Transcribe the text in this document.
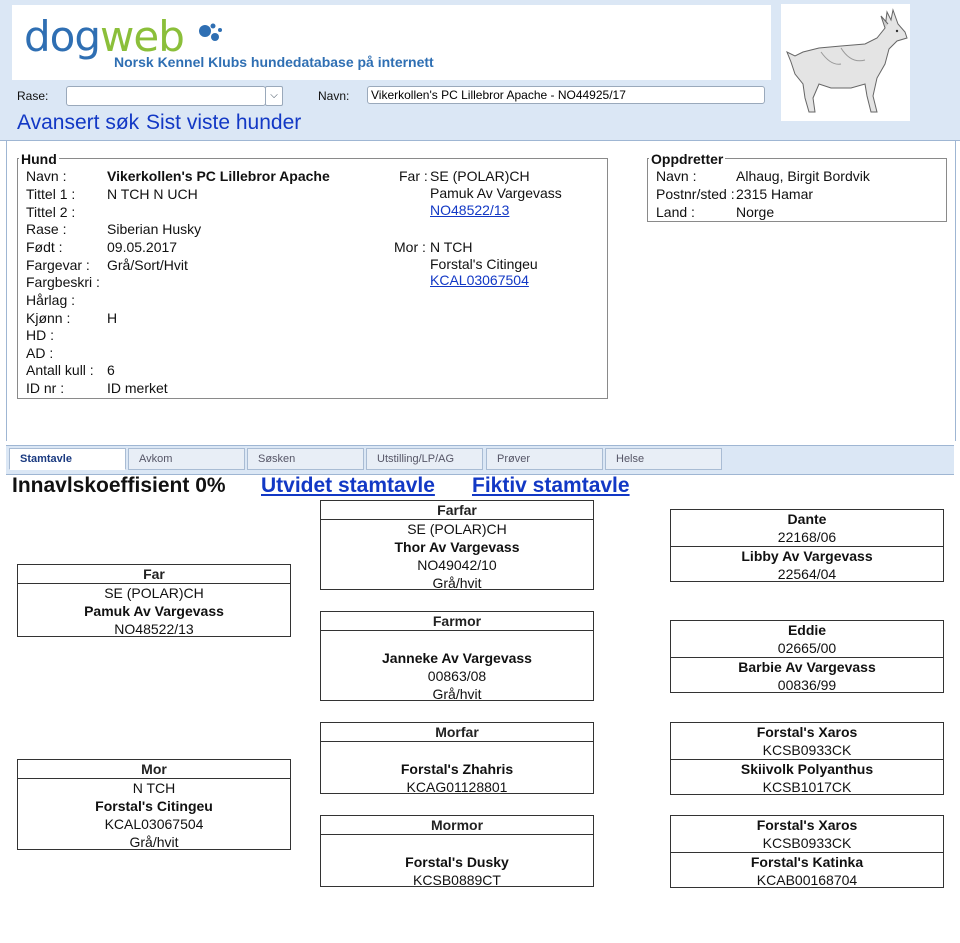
dogweb
Norsk Kennel Klubs hundedatabase på internett
Rase:	⌵	Navn:
Vikerkollen's PC Lillebror Apache - NO44925/17
Avansert søk Sist viste hunder
Hund
Navn :	Vikerkollen's PC Lillebror Apache
Tittel 1 : N TCH N UCH
Tittel 2 :
Rase :	Siberian Husky
Født :	09.05.2017
Fargevar : Grå/Sort/Hvit
Fargbeskri :
Hårlag :
Kjønn :	H
HD :
AD :
Antall kull : 6
ID nr :	ID merket
Far : SE (POLAR)CH
Pamuk Av Vargevass
NO48522/13
Mor : N TCH
Forstal's Citingeu
KCAL03067504
Oppdretter
Navn :	Alhaug, Birgit Bordvik
Postnr/sted : 2315 Hamar
Land :	Norge
Stamtavle	Avkom	Søsken	Utstilling/LP/AG	Prøver	Helse
Innavlskoeffisient 0% Utvidet stamtavle Fiktiv stamtavle
Far
SE (POLAR)CH
Pamuk Av Vargevass
NO48522/13
Mor
N TCH
Forstal's Citingeu
KCAL03067504
Grå/hvit
Farfar
SE (POLAR)CH
Thor Av Vargevass
NO49042/10
Grå/hvit
Farmor
Janneke Av Vargevass
00863/08
Grå/hvit
Morfar
Forstal's Zhahris
KCAG01128801
Mormor
Forstal's Dusky
KCSB0889CT
Dante
22168/06
Libby Av Vargevass
22564/04
Eddie
02665/00
Barbie Av Vargevass
00836/99
Forstal's Xaros
KCSB0933CK
Skiivolk Polyanthus
KCSB1017CK
Forstal's Xaros
KCSB0933CK
Forstal's Katinka
KCAB00168704
